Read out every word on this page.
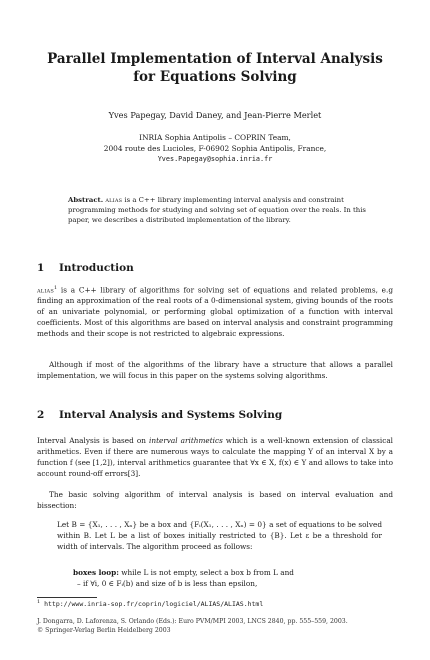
Parallel Implementation of Interval Analysis
for Equations Solving
Yves Papegay, David Daney, and Jean-Pierre Merlet
INRIA Sophia Antipolis – COPRIN Team,
2004 route des Lucioles, F-06902 Sophia Antipolis, France,
Yves.Papegay@sophia.inria.fr
Abstract. alias is a C++ library implementing interval analysis and constraint programming methods for studying and solving set of equation over the reals. In this paper, we describes a distributed implementation of the library.
1 Introduction

alias$^1$ is a C++ library of algorithms for solving set of equations and related problems, e.g finding an approximation of the real roots of a 0-dimensional system, giving bounds of the roots of an univariate polynomial, or performing global optimization of a function with interval coefficients. Most of this algorithms are based on interval analysis and constraint programming methods and their scope is not restricted to algebraic expressions.

Although if most of the algorithms of the library have a structure that allows a parallel implementation, we will focus in this paper on the systems solving algorithms.

2 Interval Analysis and Systems Solving

Interval Analysis is based on interval arithmetics which is a well-known extension of classical arithmetics. Even if there are numerous ways to calculate the mapping Y of an interval X by a function f (see [1,2]), interval arithmetics guarantee that ∀x ∈ X, f(x) ∈ Y and allows to take into account round-off errors[3].

The basic solving algorithm of interval analysis is based on interval evaluation and bissection:

Let B = {X₁, . . . , Xₙ} be a box and {Fᵢ(X₁, . . . , Xₙ) = 0} a set of equations to be solved within B. Let L be a list of boxes initially restricted to {B}. Let ε be a threshold for width of intervals. The algorithm proceed as follows:

boxes loop: while L is not empty, select a box b from L and

– if ∀i, 0 ∈ Fᵢ(b) and size of b is less than epsilon,

$^1$ http://www.inria-sop.fr/coprin/logiciel/ALIAS/ALIAS.html
J. Dongarra, D. Laforenza, S. Orlando (Eds.): Euro PVM/MPI 2003, LNCS 2840, pp. 555–559, 2003.
© Springer-Verlag Berlin Heidelberg 2003
